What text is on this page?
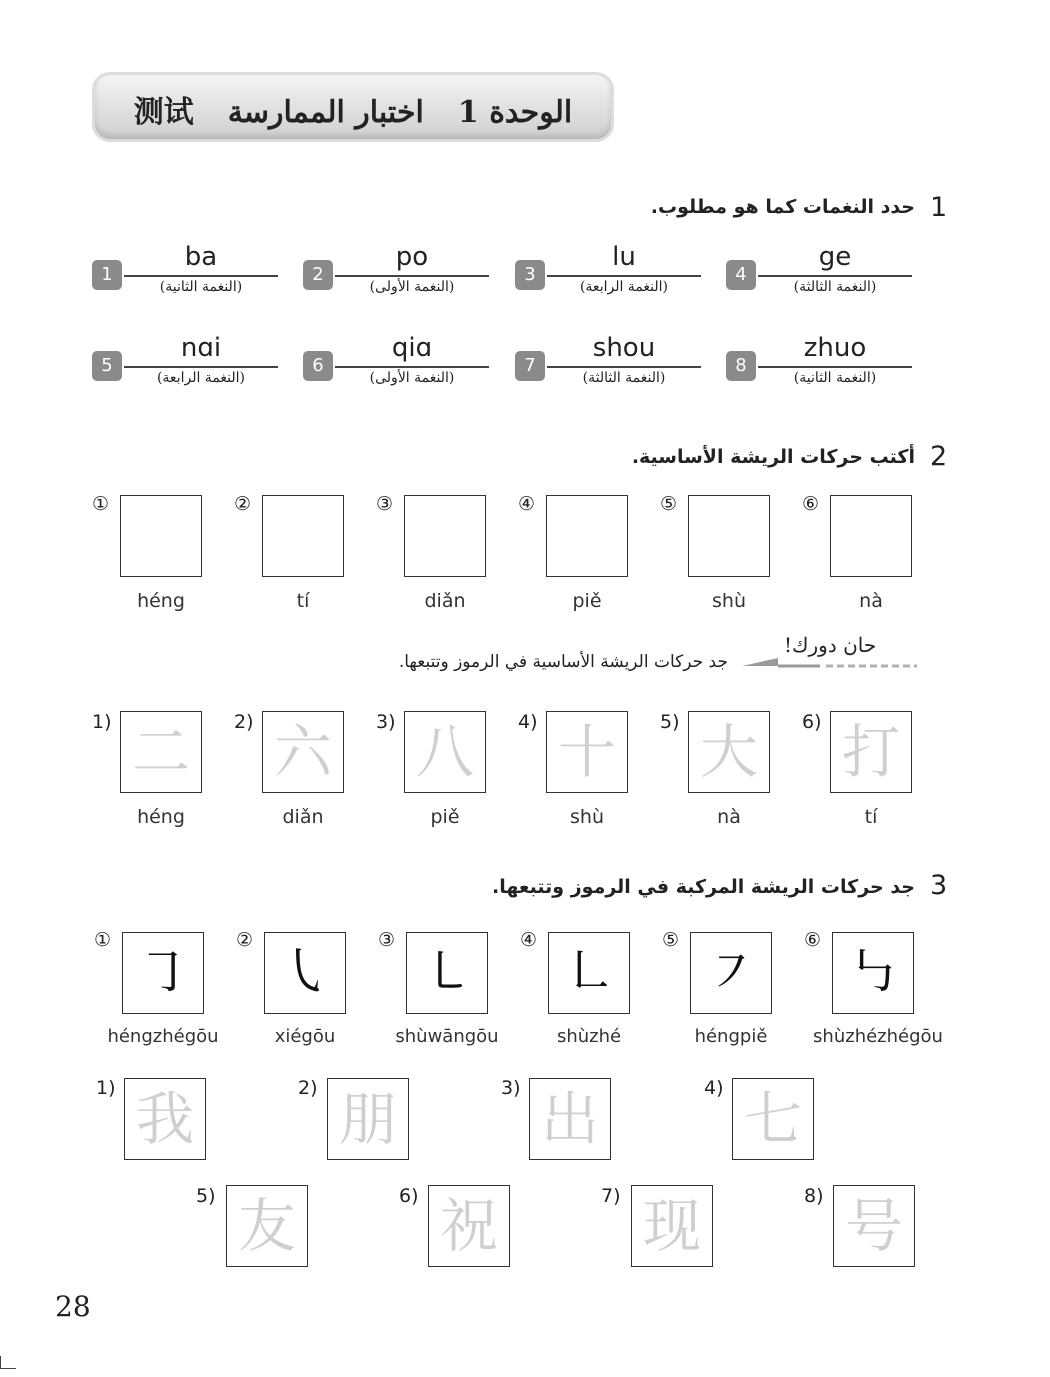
الوحدة 1اختبار الممارسة测试
1
حدد النغمات كما هو مطلوب.
1
ba
(النغمة الثانية)
2
po
(النغمة الأولى)
3
lu
(النغمة الرابعة)
4
ge
(النغمة الثالثة)
5
nɑi
(النغمة الرابعة)
6
qiɑ
(النغمة الأولى)
7
shou
(النغمة الثالثة)
8
zhuo
(النغمة الثانية)
2
أكتب حركات الريشة الأساسية.
①
héng
②
tí
③
diǎn
④
piě
⑤
shù
⑥
nà
حان دورك!
جد حركات الريشة الأساسية في الرموز وتتبعها.
1) 二
héng
2) 六
diǎn
3) 八
piě
4) 十
shù
5) 大
nà
6) 打
tí
3
جد حركات الريشة المركبة في الرموز وتتبعها.
①
㇆
héngzhégōu
②
㇂
xiégōu
③
㇄
shùwāngōu
④
㇗
shùzhé
⑤
㇇
héngpiě
⑥
㇉
shùzhézhégōu
1) 我	2) 朋	3) 出	4) 七
5) 友	6) 祝	7) 现	8) 号
28
